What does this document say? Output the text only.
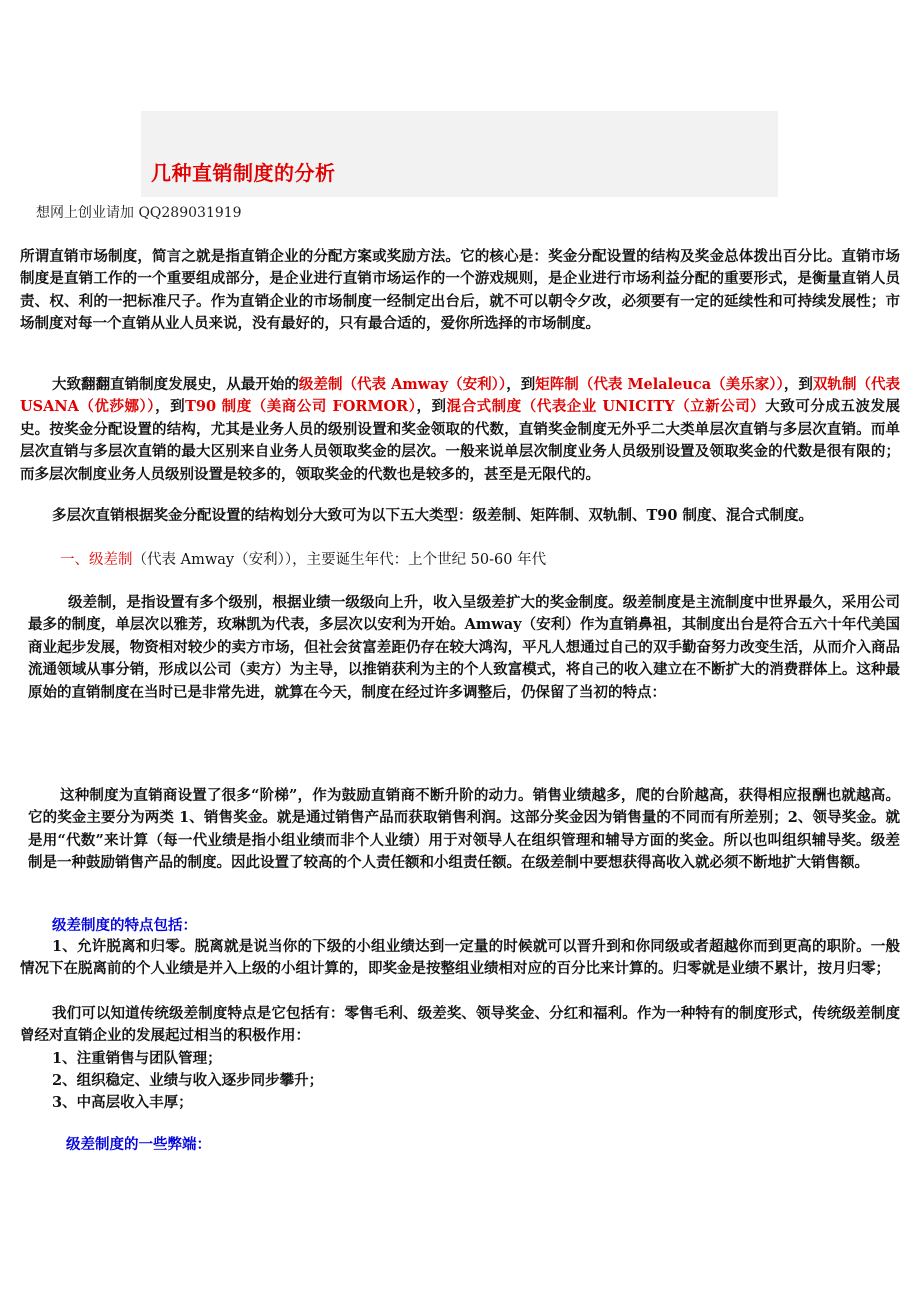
几种直销制度的分析
想网上创业请加 QQ289031919

所谓直销市场制度，简言之就是指直销企业的分配方案或奖励方法。它的核心是：奖金分配设置的结构及奖金总体拨出百分比。直销市场制度是直销工作的一个重要组成部分，是企业进行直销市场运作的一个游戏规则，是企业进行市场利益分配的重要形式，是衡量直销人员责、权、利的一把标准尺子。作为直销企业的市场制度一经制定出台后，就不可以朝令夕改，必须要有一定的延续性和可持续发展性；市场制度对每一个直销从业人员来说，没有最好的，只有最合适的，爱你所选择的市场制度。

大致翻翻直销制度发展史，从最开始的级差制（代表 Amway（安利）），到矩阵制（代表 Melaleuca（美乐家）），到双轨制（代表 USANA（优莎娜）），到T90 制度（美商公司 FORMOR），到混合式制度（代表企业 UNICITY（立新公司）大致可分成五波发展史。按奖金分配设置的结构，尤其是业务人员的级别设置和奖金领取的代数，直销奖金制度无外乎二大类单层次直销与多层次直销。而单层次直销与多层次直销的最大区别来自业务人员领取奖金的层次。一般来说单层次制度业务人员级别设置及领取奖金的代数是很有限的；而多层次制度业务人员级别设置是较多的，领取奖金的代数也是较多的，甚至是无限代的。

多层次直销根据奖金分配设置的结构划分大致可为以下五大类型：级差制、矩阵制、双轨制、T90 制度、混合式制度。

一、级差制（代表 Amway（安利）），主要诞生年代：上个世纪 50-60 年代

级差制，是指设置有多个级别，根据业绩一级级向上升，收入呈级差扩大的奖金制度。级差制度是主流制度中世界最久，采用公司最多的制度，单层次以雅芳，玫琳凯为代表，多层次以安利为开始。Amway（安利）作为直销鼻祖，其制度出台是符合五六十年代美国商业起步发展，物资相对较少的卖方市场，但社会贫富差距仍存在较大鸿沟，平凡人想通过自己的双手勤奋努力改变生活，从而介入商品流通领域从事分销，形成以公司（卖方）为主导，以推销获利为主的个人致富模式，将自己的收入建立在不断扩大的消费群体上。这种最原始的直销制度在当时已是非常先进，就算在今天，制度在经过许多调整后，仍保留了当初的特点：

这种制度为直销商设置了很多“阶梯”，作为鼓励直销商不断升阶的动力。销售业绩越多，爬的台阶越高，获得相应报酬也就越高。它的奖金主要分为两类 1、销售奖金。就是通过销售产品而获取销售利润。这部分奖金因为销售量的不同而有所差别；2、领导奖金。就是用“代数”来计算（每一代业绩是指小组业绩而非个人业绩）用于对领导人在组织管理和辅导方面的奖金。所以也叫组织辅导奖。级差制是一种鼓励销售产品的制度。因此设置了较高的个人责任额和小组责任额。在级差制中要想获得高收入就必须不断地扩大销售额。

级差制度的特点包括：

1、允许脱离和归零。脱离就是说当你的下级的小组业绩达到一定量的时候就可以晋升到和你同级或者超越你而到更高的职阶。一般情况下在脱离前的个人业绩是并入上级的小组计算的，即奖金是按整组业绩相对应的百分比来计算的。归零就是业绩不累计，按月归零；

我们可以知道传统级差制度特点是它包括有：零售毛利、级差奖、领导奖金、分红和福利。作为一种特有的制度形式，传统级差制度曾经对直销企业的发展起过相当的积极作用：

1、注重销售与团队管理；

2、组织稳定、业绩与收入逐步同步攀升；

3、中高层收入丰厚；

级差制度的一些弊端：
